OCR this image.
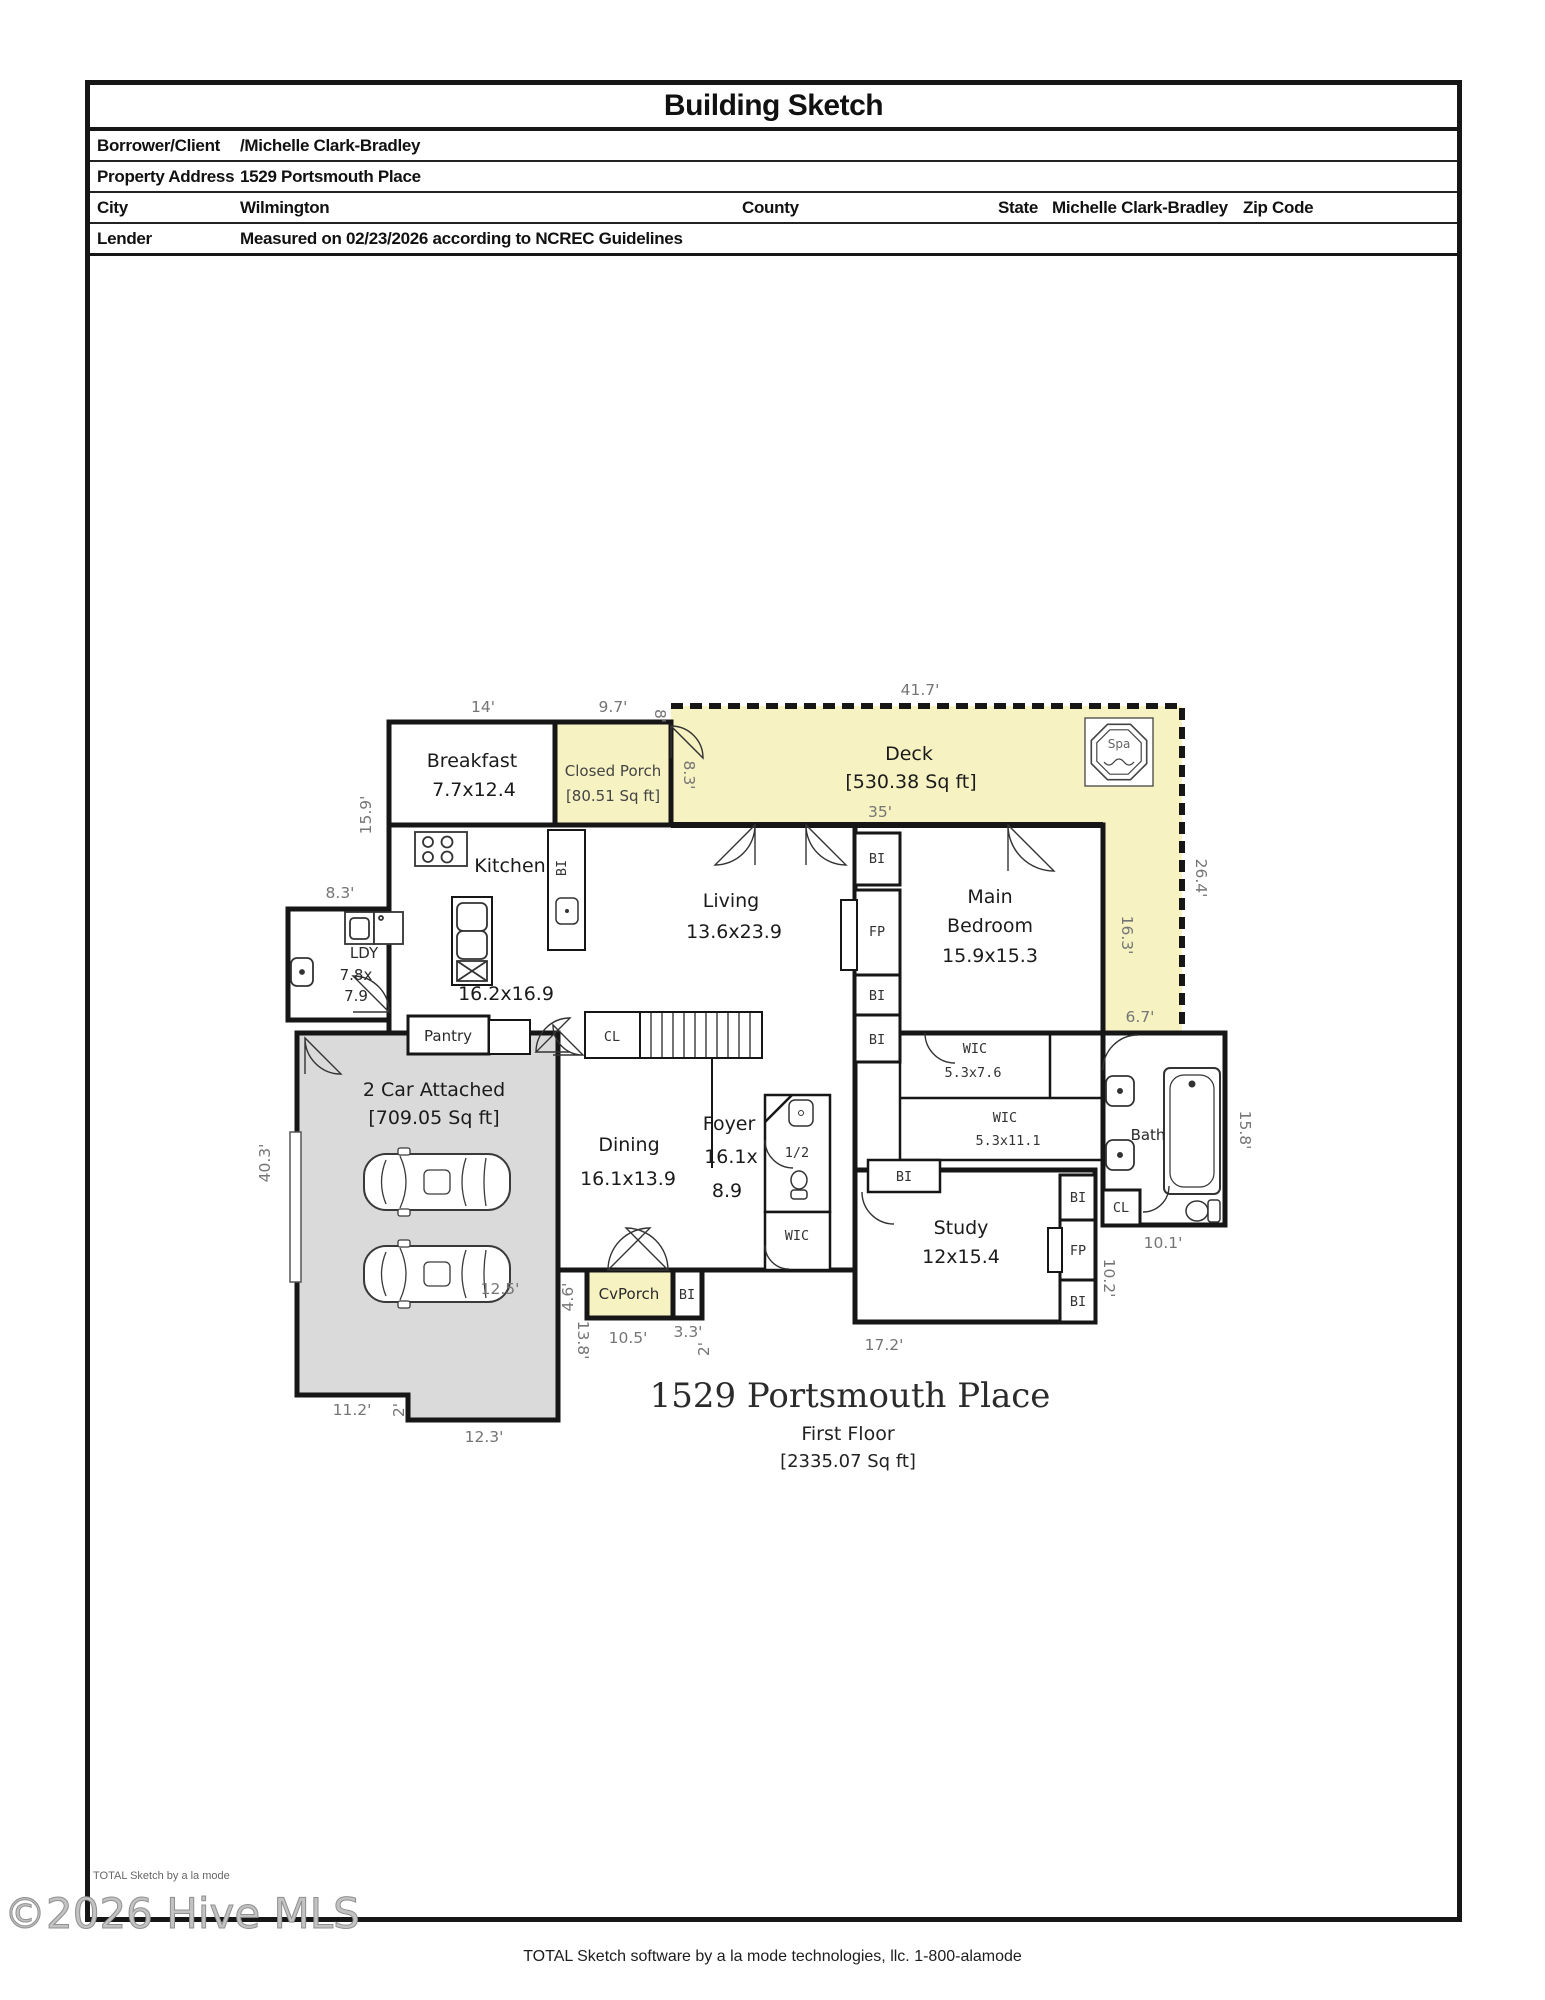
Building Sketch
Borrower/Client /Michelle Clark-Bradley
Property Address 1529 Portsmouth Place
City	Wilmington	County	State Michelle Clark-Bradley Zip Code
Lender	Measured on 02/23/2026 according to NCREC Guidelines
Breakfast
7.7x12.4
Closed Porch
[80.51 Sq ft]
Deck
[530.38 Sq ft]
Spa
Kitchen
16.2x16.9
Living
13.6x23.9
Main
Bedroom
15.9x15.3
LDY
7.8x
7.9
Pantry
2 Car Attached
[709.05 Sq ft]
Dining
16.1x13.9
Foyer
16.1x
8.9
1/2
WIC
WIC
5.3x7.6
WIC
5.3x11.1	Bath
Study
12x15.4
CvPorch
BI
BI
FP
BI
BI
BI
BI
BI
FP
BI
CL
CL
14'	9.7' 8'
41.7'
8.3'
35'
16.3'
26.4'
6.7'
15.9'
8.3'
40.3'
11.2' 2'
12.3'
13.8'
12.5'	4.6'
10.5' 3.3'
2'	17.2'
10.2'
10.1'
15.8'
1529 Portsmouth Place
First Floor
[2335.07 Sq ft]
TOTAL Sketch by a la mode
©2026 Hive MLS
TOTAL Sketch software by a la mode technologies, llc. 1-800-alamode
